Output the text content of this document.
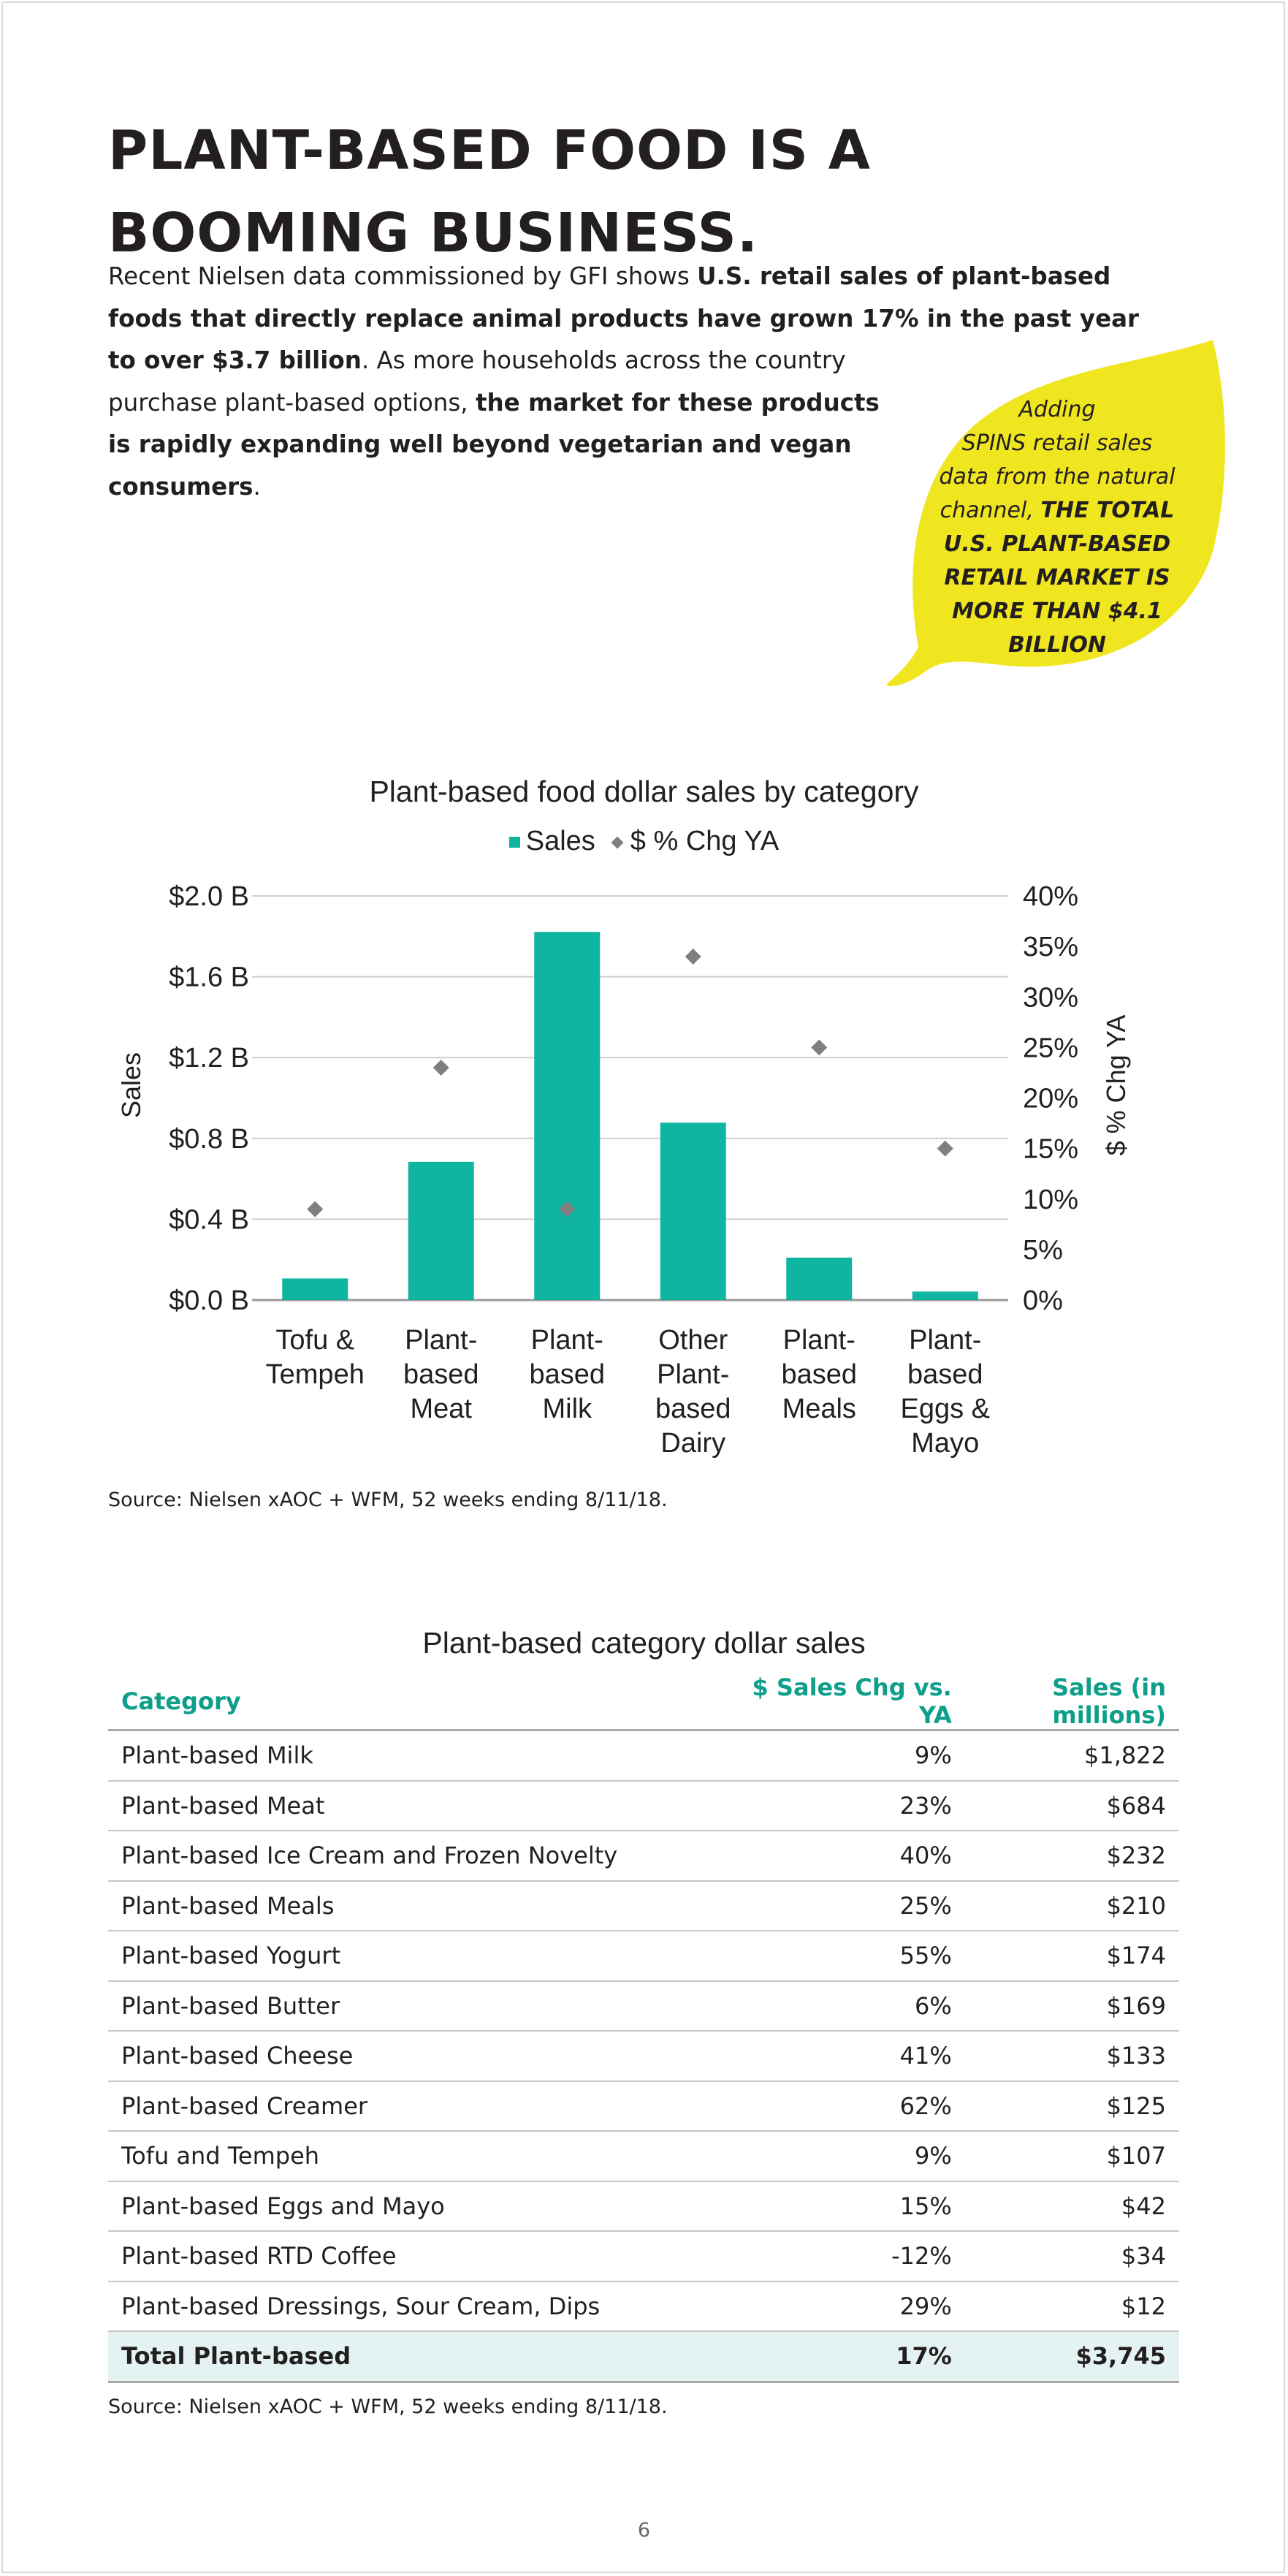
PLANT-BASED FOOD IS A
BOOMING BUSINESS.
Recent Nielsen data commissioned by GFI shows U.S. retail sales of plant-based
foods that directly replace animal products have grown 17% in the past year
to over $3.7 billion. As more households across the country
purchase plant-based options, the market for these products
is rapidly expanding well beyond vegetarian and vegan
consumers.
Adding
SPINS retail sales
data from the natural
channel, THE TOTAL
U.S. PLANT-BASED
RETAIL MARKET IS
MORE THAN $4.1
BILLION
Plant-based food dollar sales by category
Sales $ % Chg YA
$0.0 B
$0.4 B
$0.8 B
$1.2 B
$1.6 B
$2.0 B
0%
5%
10%
15%
20%
25%
30%
35%
40%
Sales	$ % Chg YA
Tofu &
Tempeh
Plant-
based
Meat
Plant-
based
Milk
Other
Plant-
based
Dairy
Plant-
based
Meals
Plant-
based
Eggs &
Mayo
Source: Nielsen xAOC + WFM, 52 weeks ending 8/11/18.
Plant-based category dollar sales
Category	$ Sales Chg vs. YA	Sales (in millions)
Plant-based Milk	9%	$1,822
Plant-based Meat	23%	$684
Plant-based Ice Cream and Frozen Novelty	40%	$232
Plant-based Meals	25%	$210
Plant-based Yogurt	55%	$174
Plant-based Butter	6%	$169
Plant-based Cheese	41%	$133
Plant-based Creamer	62%	$125
Tofu and Tempeh	9%	$107
Plant-based Eggs and Mayo	15%	$42
Plant-based RTD Coffee	-12%	$34
Plant-based Dressings, Sour Cream, Dips	29%	$12
Total Plant-based	17%	$3,745
Source: Nielsen xAOC + WFM, 52 weeks ending 8/11/18.
6
